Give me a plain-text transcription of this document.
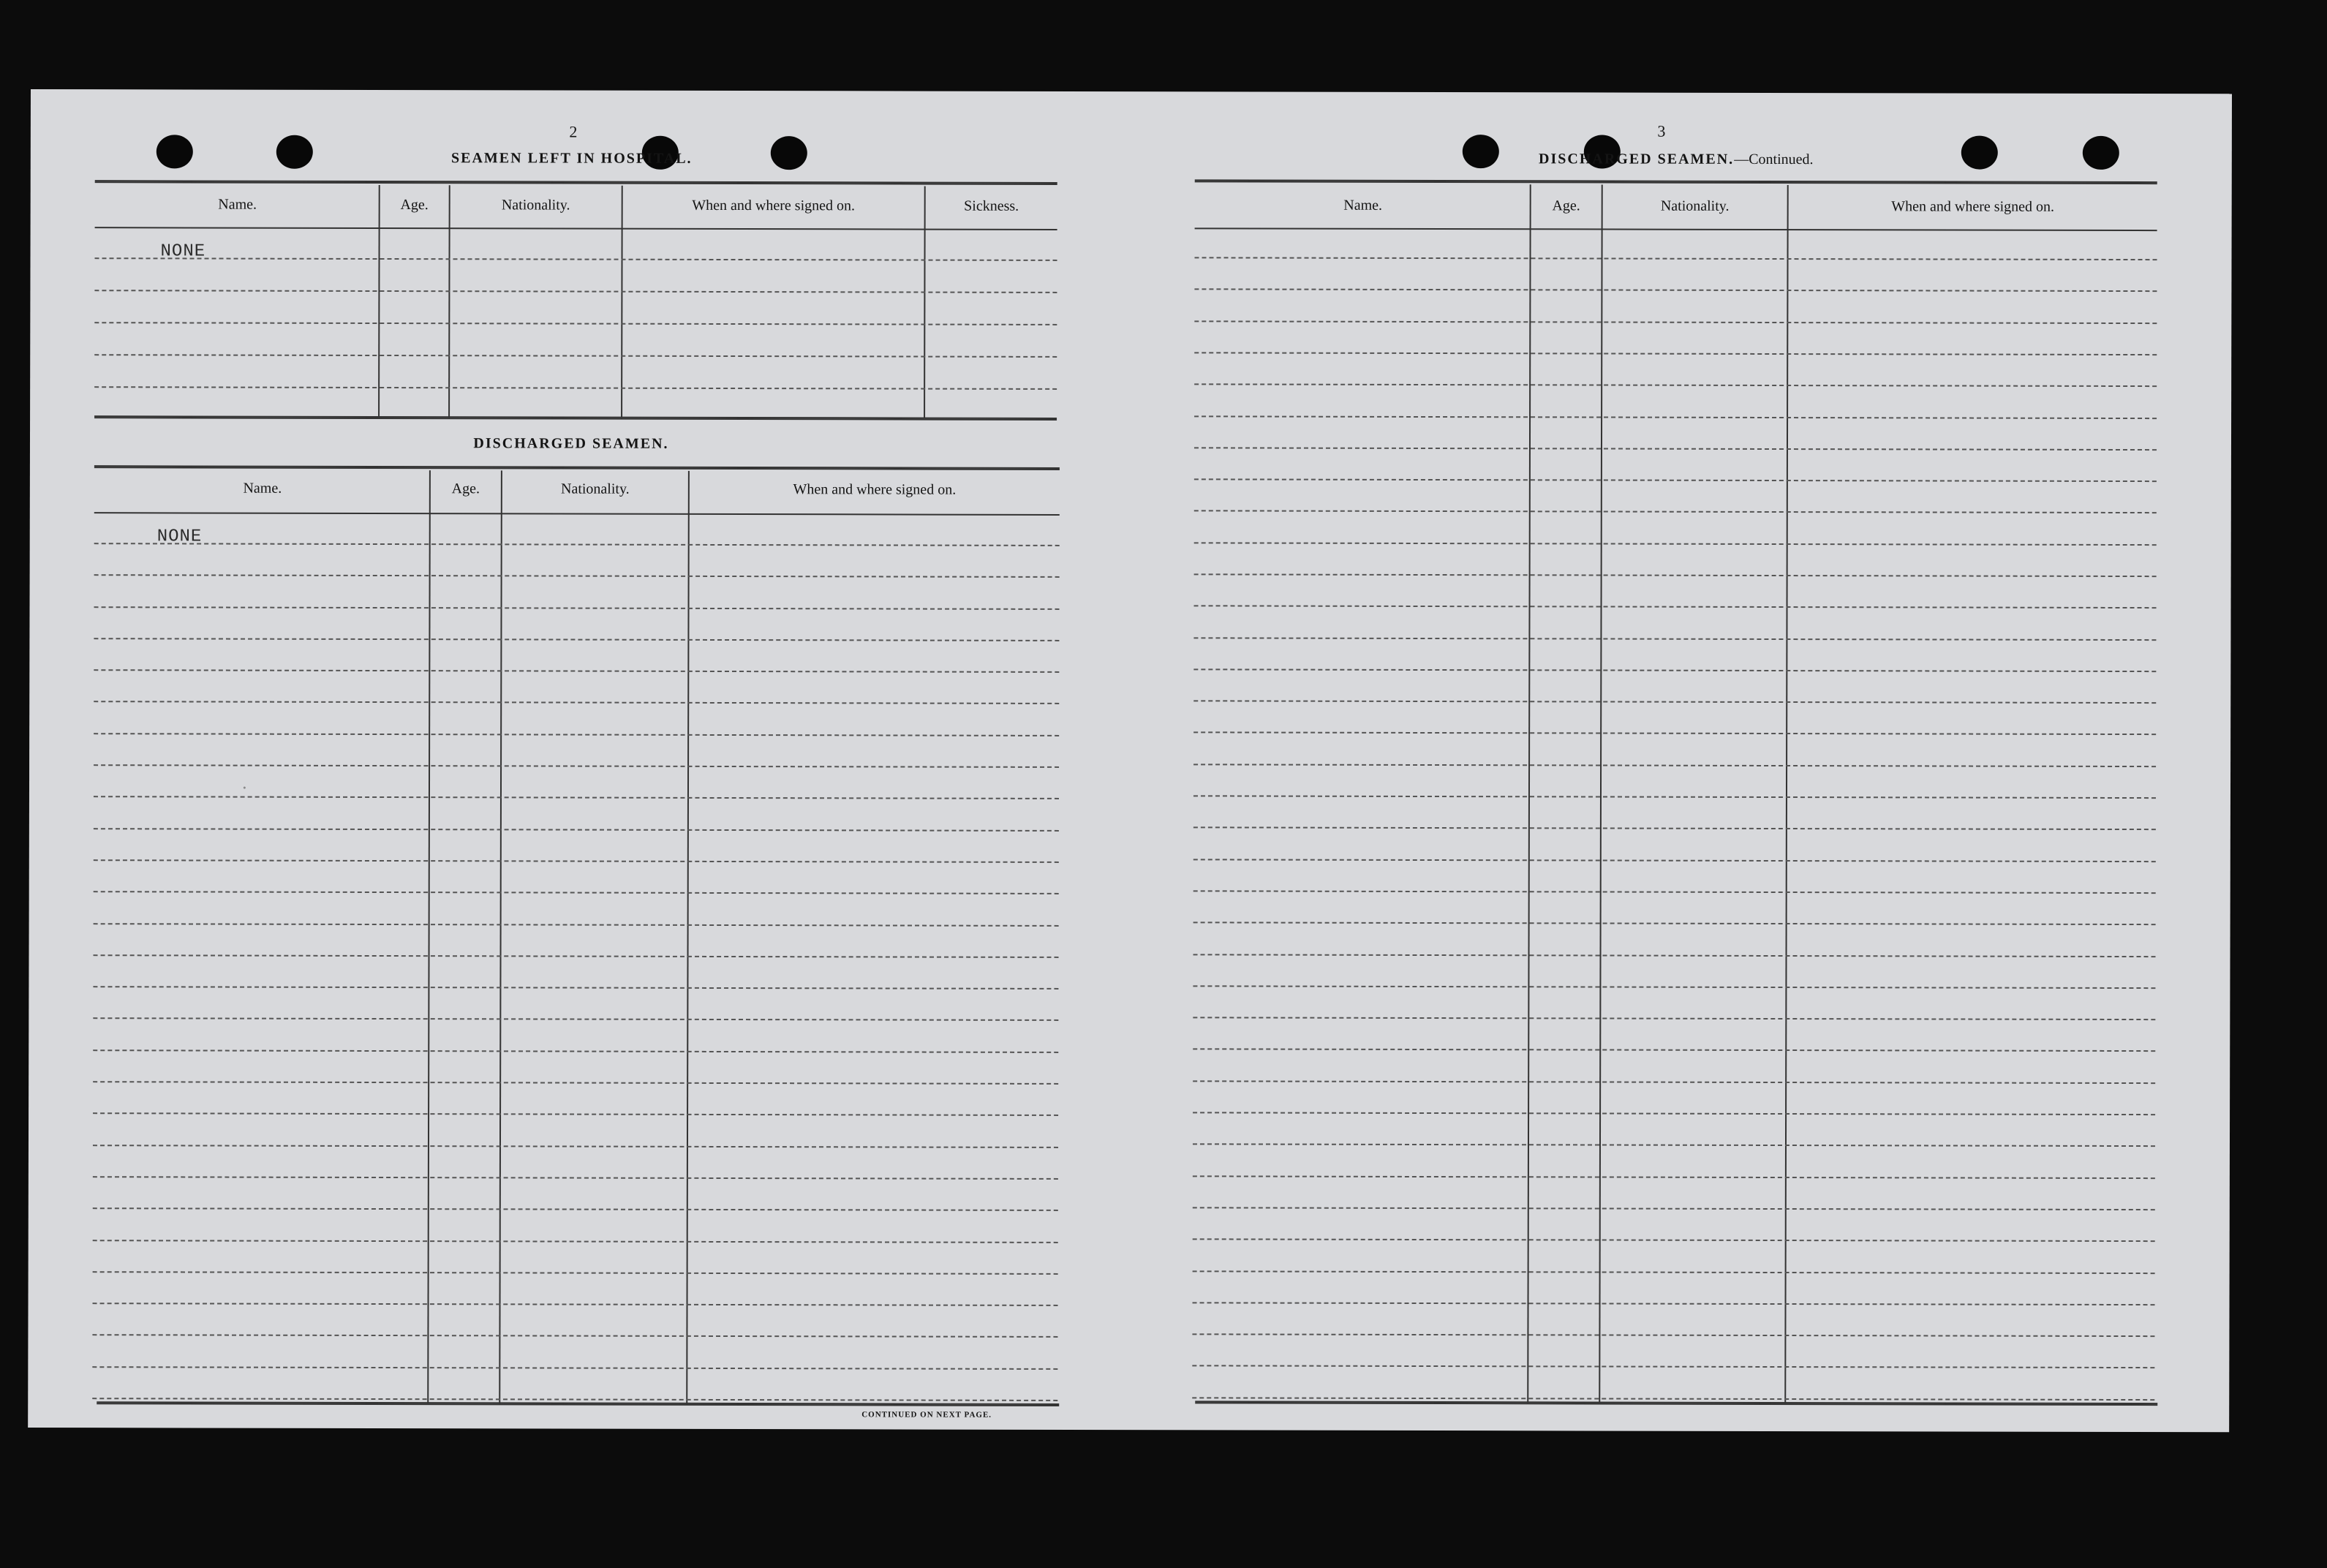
2
SEAMEN LEFT IN HOSPITAL.
Name.	Age.	Nationality.	When and where signed on.	Sickness.
NONE
DISCHARGED SEAMEN.
Name.	Age.	Nationality.	When and where signed on.
NONE
·
CONTINUED ON NEXT PAGE.
3
DISCHARGED SEAMEN.—Continued.
Name.	Age.	Nationality.	When and where signed on.
